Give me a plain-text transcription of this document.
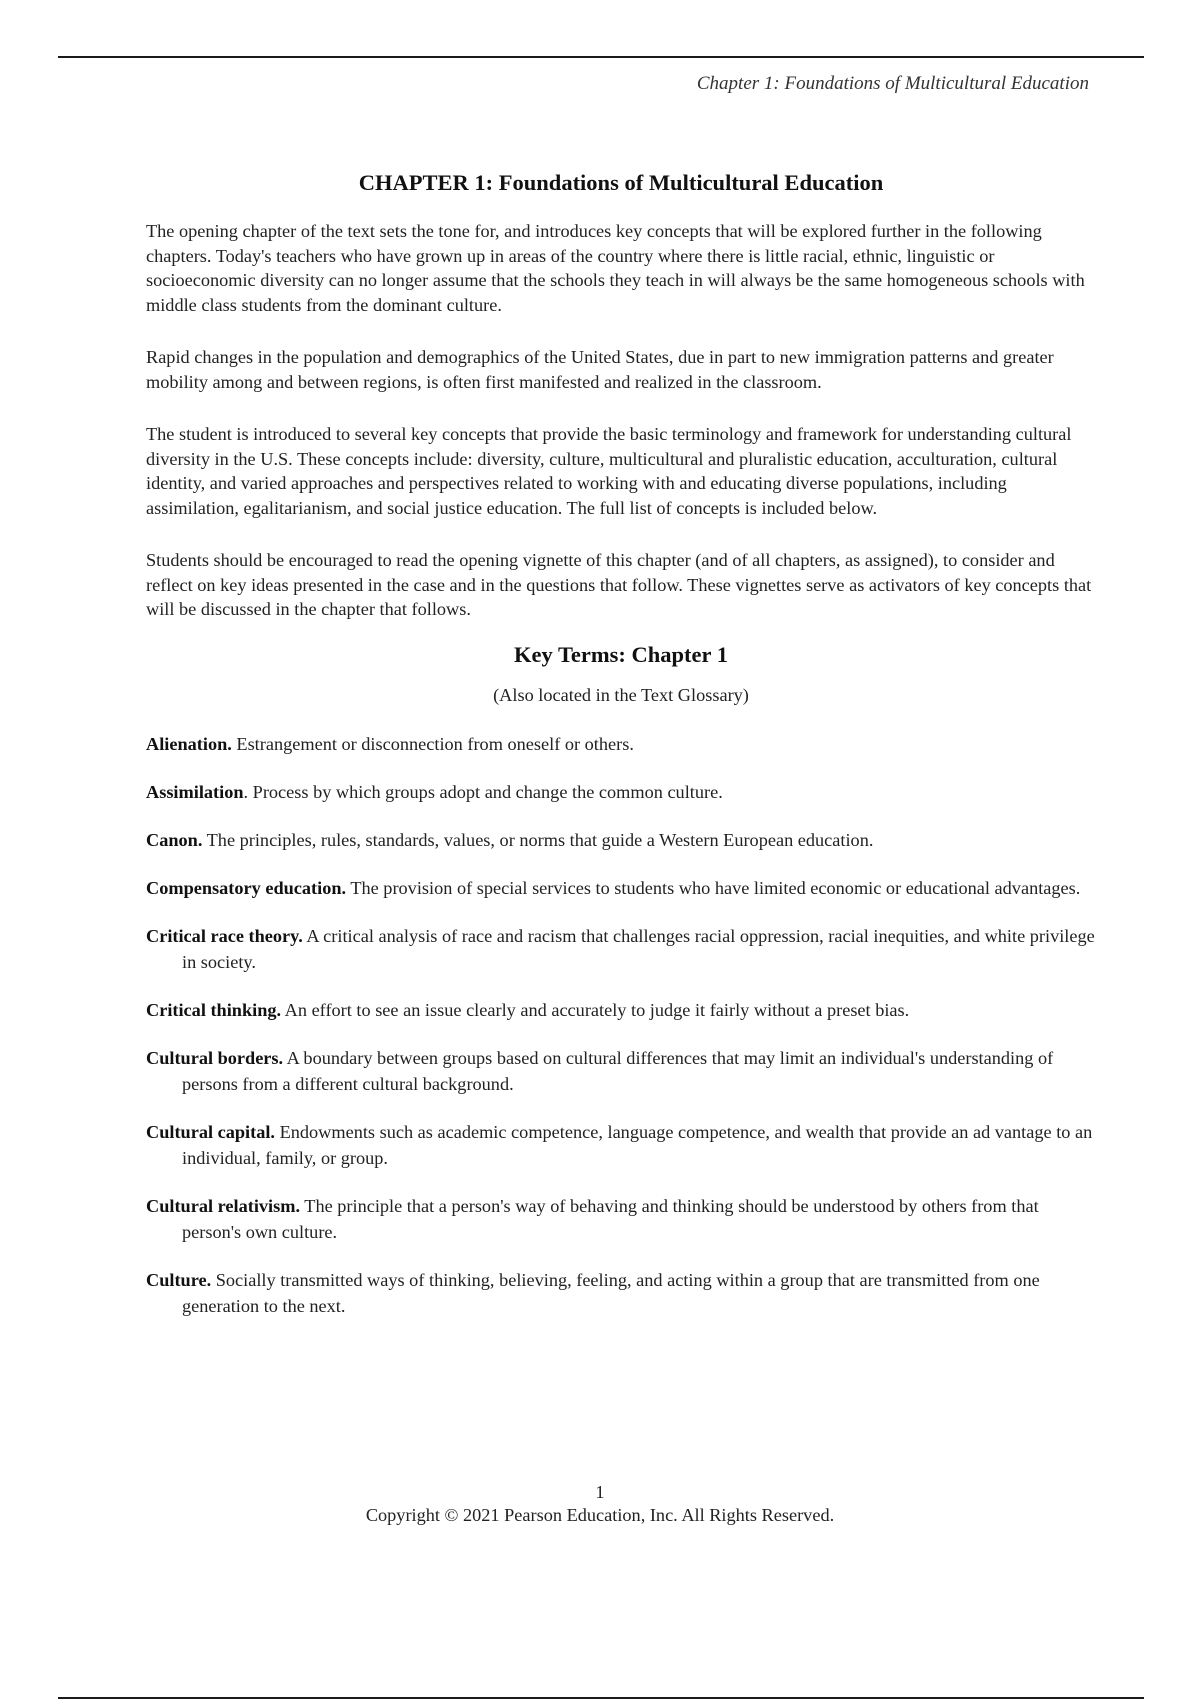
Chapter 1: Foundations of Multicultural Education
CHAPTER 1: Foundations of Multicultural Education

The opening chapter of the text sets the tone for, and introduces key concepts that will be explored further in the following chapters. Today's teachers who have grown up in areas of the country where there is little racial, ethnic, linguistic or socioeconomic diversity can no longer assume that the schools they teach in will always be the same homogeneous schools with middle class students from the dominant culture.

Rapid changes in the population and demographics of the United States, due in part to new immigration patterns and greater mobility among and between regions, is often first manifested and realized in the classroom.

The student is introduced to several key concepts that provide the basic terminology and framework for understanding cultural diversity in the U.S. These concepts include: diversity, culture, multicultural and pluralistic education, acculturation, cultural identity, and varied approaches and perspectives related to working with and educating diverse populations, including assimilation, egalitarianism, and social justice education. The full list of concepts is included below.

Students should be encouraged to read the opening vignette of this chapter (and of all chapters, as assigned), to consider and reflect on key ideas presented in the case and in the questions that follow. These vignettes serve as activators of key concepts that will be discussed in the chapter that follows.

Key Terms: Chapter 1
(Also located in the Text Glossary)

Alienation. Estrangement or disconnection from oneself or others.

Assimilation. Process by which groups adopt and change the common culture.

Canon. The principles, rules, standards, values, or norms that guide a Western European education.

Compensatory education. The provision of special services to students who have limited economic or educational advantages.

Critical race theory. A critical analysis of race and racism that challenges racial oppression, racial inequities, and white privilege in society.

Critical thinking. An effort to see an issue clearly and accurately to judge it fairly without a preset bias.

Cultural borders. A boundary between groups based on cultural differences that may limit an individual's understanding of persons from a different cultural background.

Cultural capital. Endowments such as academic competence, language competence, and wealth that provide an ad vantage to an individual, family, or group.

Cultural relativism. The principle that a person's way of behaving and thinking should be understood by others from that person's own culture.

Culture. Socially transmitted ways of thinking, believing, feeling, and acting within a group that are transmitted from one generation to the next.

1
Copyright © 2021 Pearson Education, Inc. All Rights Reserved.
